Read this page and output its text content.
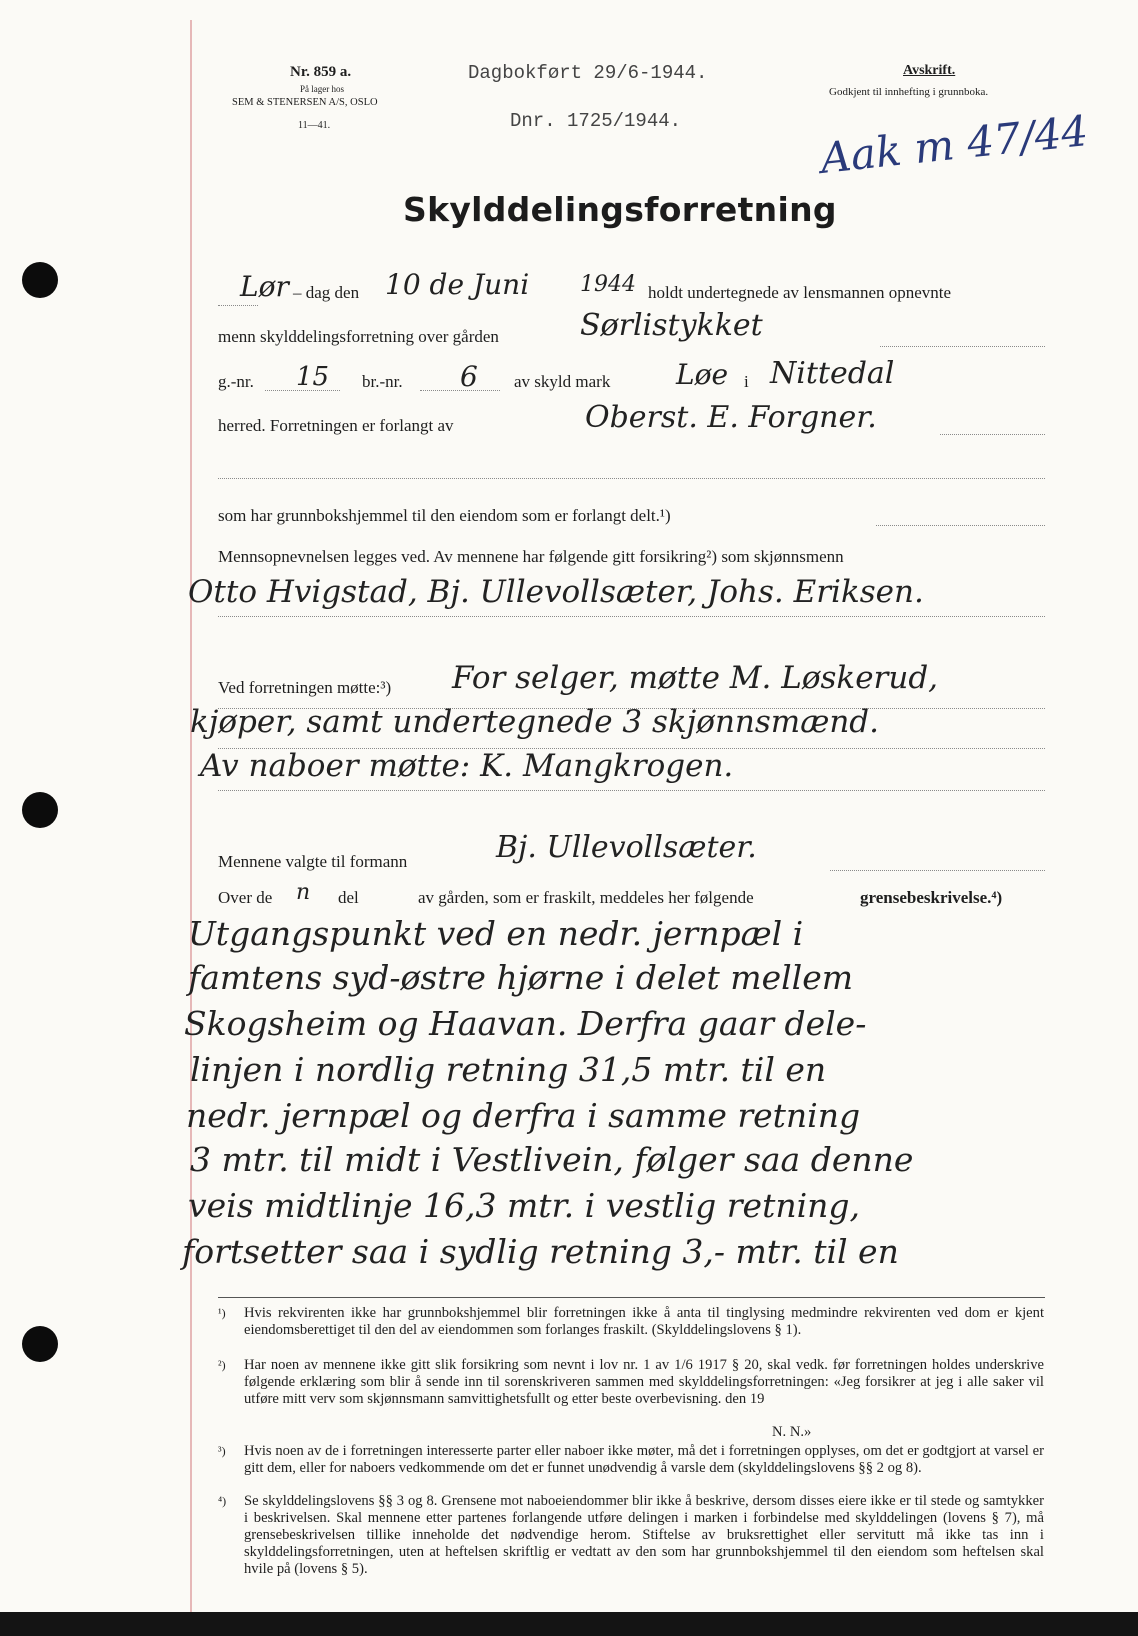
Nr. 859 a.
På lager hos
SEM & STENERSEN A/S, OSLO
11—41.
Dagbokført 29/6-1944.
Dnr. 1725/1944.
Avskrift.
Godkjent til innhefting i grunnboka.
Aak m 47/44
Skylddelingsforretning
Lør – dag den 10 de Juni 1944 holdt undertegnede av lensmannen opnevnte
menn skylddelingsforretning over gården	Sørlistykket
g.-nr. 15 br.-nr. 6 av skyld mark Løe i Nittedal
herred. Forretningen er forlangt av	Oberst. E. Forgner.
som har grunnbokshjemmel til den eiendom som er forlangt delt.¹)
Mennsopnevnelsen legges ved. Av mennene har følgende gitt forsikring²) som skjønnsmenn
Otto Hvigstad, Bj. Ullevollsæter, Johs. Eriksen.
Ved forretningen møtte:³) For selger, møtte M. Løskerud,
kjøper, samt undertegnede 3 skjønnsmænd.
Av naboer møtte: K. Mangkrogen.
Mennene valgte til formann	Bj. Ullevollsæter.
Over de n del	av gården, som er fraskilt, meddeles her følgende	grensebeskrivelse.⁴)
Utgangspunkt ved en nedr. jernpæl i
famtens syd-østre hjørne i delet mellem
Skogsheim og Haavan. Derfra gaar dele-
linjen i nordlig retning 31,5 mtr. til en
nedr. jernpæl og derfra i samme retning
3 mtr. til midt i Vestlivein, følger saa denne
veis midtlinje 16,3 mtr. i vestlig retning,
fortsetter saa i sydlig retning 3,- mtr. til en
¹) Hvis rekvirenten ikke har grunnbokshjemmel blir forretningen ikke å anta til tinglysing medmindre rekvirenten ved dom er kjent eiendomsberettiget til den del av eiendommen som forlanges fraskilt. (Skylddelingslovens § 1).
²) Har noen av mennene ikke gitt slik forsikring som nevnt i lov nr. 1 av 1/6 1917 § 20, skal vedk. før forretningen holdes underskrive følgende erklæring som blir å sende inn til sorenskriveren sammen med skylddelingsforretningen: «Jeg forsikrer at jeg i alle saker vil utføre mitt verv som skjønnsmann samvittighetsfullt og etter beste overbevisning. den 19
N. N.»
³) Hvis noen av de i forretningen interesserte parter eller naboer ikke møter, må det i forretningen opplyses, om det er godtgjort at varsel er gitt dem, eller for naboers vedkommende om det er funnet unødvendig å varsle dem (skylddelingslovens §§ 2 og 8).
⁴) Se skylddelingslovens §§ 3 og 8. Grensene mot naboeiendommer blir ikke å beskrive, dersom disses eiere ikke er til stede og samtykker i beskrivelsen. Skal mennene etter partenes forlangende utføre delingen i marken i forbindelse med skylddelingen (lovens § 7), må grensebeskrivelsen tillike inneholde det nødvendige herom. Stiftelse av bruksrettighet eller servitutt må ikke tas inn i skylddelingsforretningen, uten at heftelsen skriftlig er vedtatt av den som har grunnbokshjemmel til den eiendom som heftelsen skal hvile på (lovens § 5).
